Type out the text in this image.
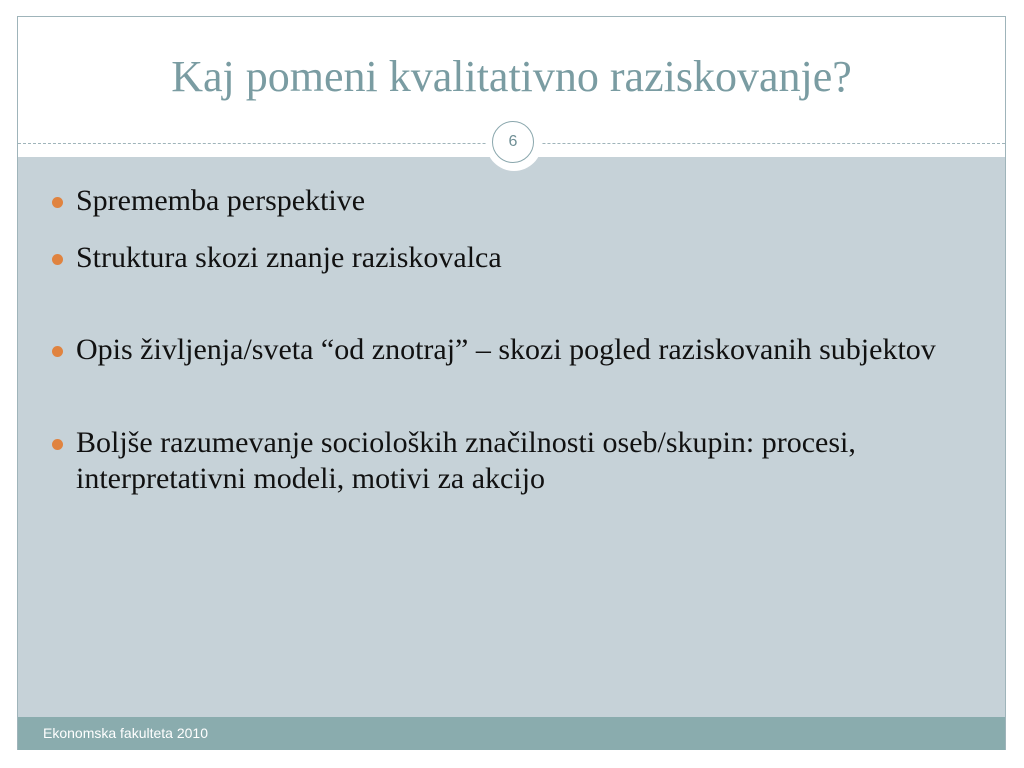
Kaj pomeni kvalitativno raziskovanje?
6
Sprememba perspektive
Struktura skozi znanje raziskovalca
Opis življenja/sveta “od znotraj” – skozi pogled raziskovanih subjektov
Boljše razumevanje socioloških značilnosti oseb/skupin: procesi, interpretativni modeli, motivi za akcijo
Ekonomska fakulteta 2010
